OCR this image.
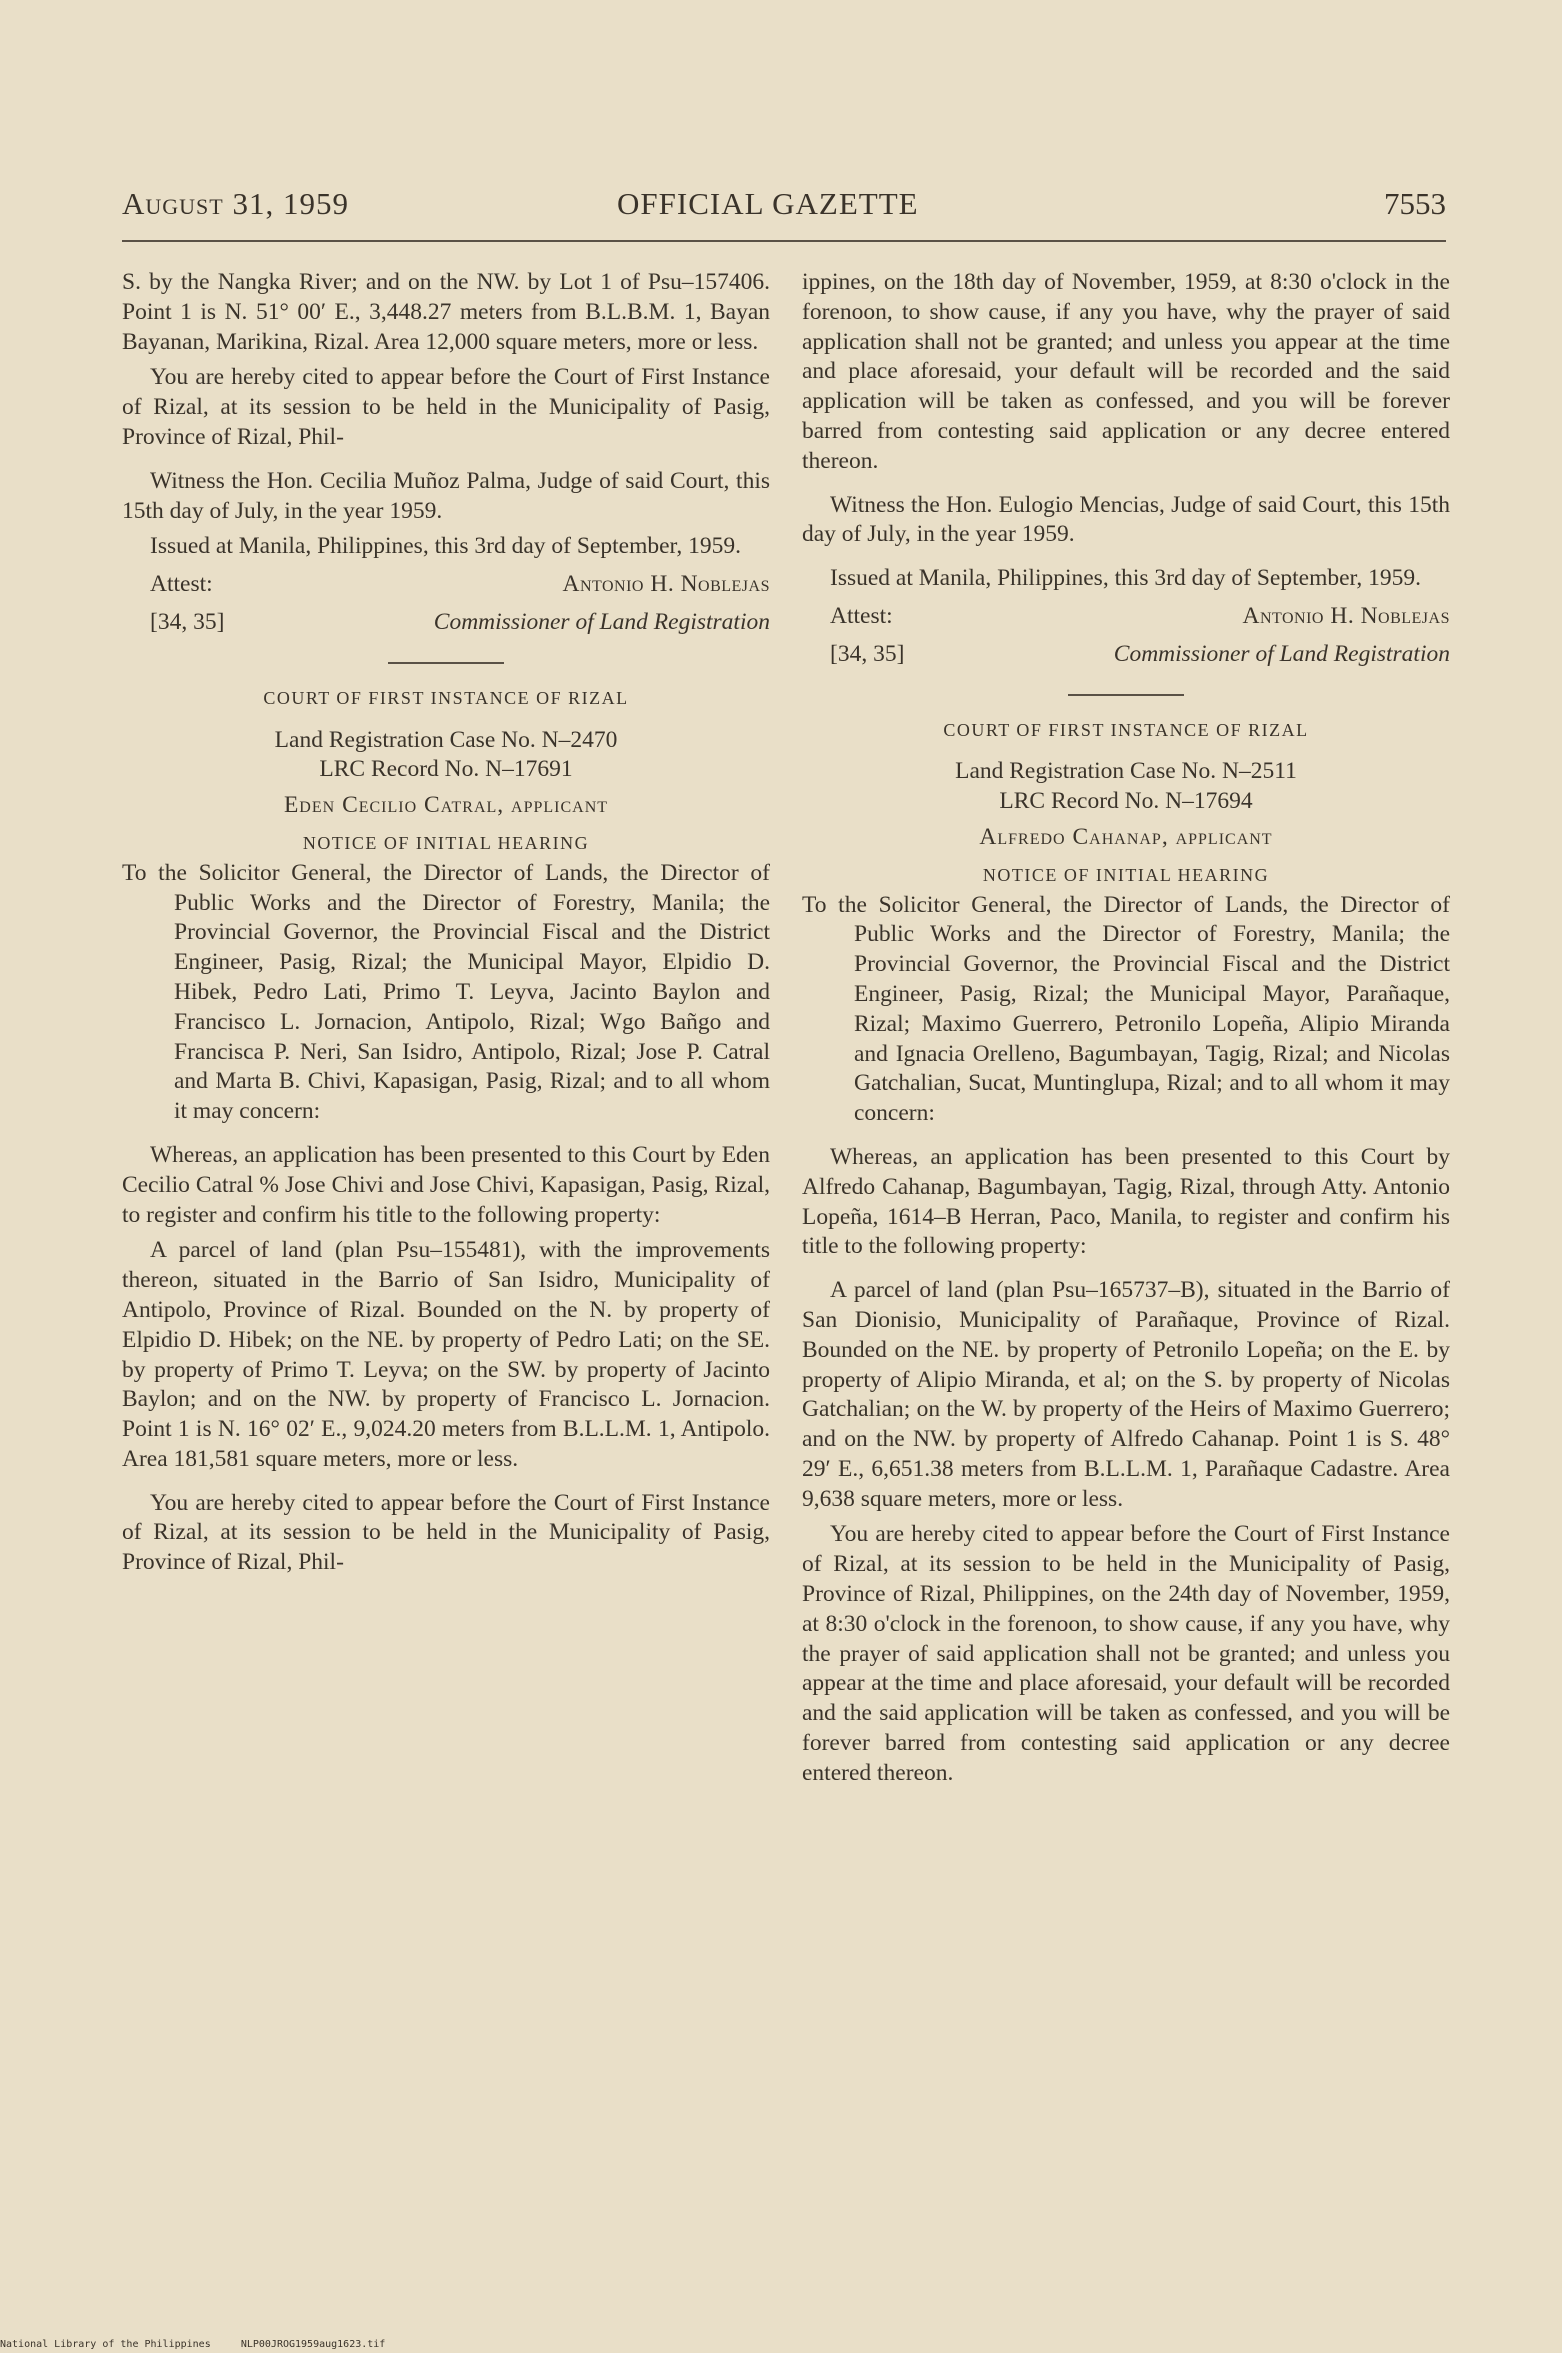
August 31, 1959	OFFICIAL GAZETTE	7553

S. by the Nangka River; and on the NW. by Lot 1 of Psu–157406. Point 1 is N. 51° 00′ E., 3,448.27 meters from B.L.B.M. 1, Bayan Bayanan, Marikina, Rizal. Area 12,000 square meters, more or less.

You are hereby cited to appear before the Court of First Instance of Rizal, at its session to be held in the Municipality of Pasig, Province of Rizal, Phil-

Witness the Hon. Cecilia Muñoz Palma, Judge of said Court, this 15th day of July, in the year 1959.

Issued at Manila, Philippines, this 3rd day of September, 1959.

Attest:	Antonio H. Noblejas
[34, 35]	Commissioner of Land Registration
COURT OF FIRST INSTANCE OF RIZAL
Land Registration Case No. N–2470
LRC Record No. N–17691
Eden Cecilio Catral, applicant
NOTICE OF INITIAL HEARING

To the Solicitor General, the Director of Lands, the Director of Public Works and the Director of Forestry, Manila; the Provincial Governor, the Provincial Fiscal and the District Engineer, Pasig, Rizal; the Municipal Mayor, Elpidio D. Hibek, Pedro Lati, Primo T. Leyva, Jacinto Baylon and Francisco L. Jornacion, Antipolo, Rizal; Wgo Bañgo and Francisca P. Neri, San Isidro, Antipolo, Rizal; Jose P. Catral and Marta B. Chivi, Kapasigan, Pasig, Rizal; and to all whom it may concern:

Whereas, an application has been presented to this Court by Eden Cecilio Catral % Jose Chivi and Jose Chivi, Kapasigan, Pasig, Rizal, to register and confirm his title to the following property:

A parcel of land (plan Psu–155481), with the improvements thereon, situated in the Barrio of San Isidro, Municipality of Antipolo, Province of Rizal. Bounded on the N. by property of Elpidio D. Hibek; on the NE. by property of Pedro Lati; on the SE. by property of Primo T. Leyva; on the SW. by property of Jacinto Baylon; and on the NW. by property of Francisco L. Jornacion. Point 1 is N. 16° 02′ E., 9,024.20 meters from B.L.L.M. 1, Antipolo. Area 181,581 square meters, more or less.

You are hereby cited to appear before the Court of First Instance of Rizal, at its session to be held in the Municipality of Pasig, Province of Rizal, Phil-

ippines, on the 18th day of November, 1959, at 8:30 o'clock in the forenoon, to show cause, if any you have, why the prayer of said application shall not be granted; and unless you appear at the time and place aforesaid, your default will be recorded and the said application will be taken as confessed, and you will be forever barred from contesting said application or any decree entered thereon.

Witness the Hon. Eulogio Mencias, Judge of said Court, this 15th day of July, in the year 1959.

Issued at Manila, Philippines, this 3rd day of September, 1959.

Attest:	Antonio H. Noblejas
[34, 35]	Commissioner of Land Registration
COURT OF FIRST INSTANCE OF RIZAL
Land Registration Case No. N–2511
LRC Record No. N–17694
Alfredo Cahanap, applicant
NOTICE OF INITIAL HEARING

To the Solicitor General, the Director of Lands, the Director of Public Works and the Director of Forestry, Manila; the Provincial Governor, the Provincial Fiscal and the District Engineer, Pasig, Rizal; the Municipal Mayor, Parañaque, Rizal; Maximo Guerrero, Petronilo Lopeña, Alipio Miranda and Ignacia Orelleno, Bagumbayan, Tagig, Rizal; and Nicolas Gatchalian, Sucat, Muntinglupa, Rizal; and to all whom it may concern:

Whereas, an application has been presented to this Court by Alfredo Cahanap, Bagumbayan, Tagig, Rizal, through Atty. Antonio Lopeña, 1614–B Herran, Paco, Manila, to register and confirm his title to the following property:

A parcel of land (plan Psu–165737–B), situated in the Barrio of San Dionisio, Municipality of Parañaque, Province of Rizal. Bounded on the NE. by property of Petronilo Lopeña; on the E. by property of Alipio Miranda, et al; on the S. by property of Nicolas Gatchalian; on the W. by property of the Heirs of Maximo Guerrero; and on the NW. by property of Alfredo Cahanap. Point 1 is S. 48° 29′ E., 6,651.38 meters from B.L.L.M. 1, Parañaque Cadastre. Area 9,638 square meters, more or less.

You are hereby cited to appear before the Court of First Instance of Rizal, at its session to be held in the Municipality of Pasig, Province of Rizal, Philippines, on the 24th day of November, 1959, at 8:30 o'clock in the forenoon, to show cause, if any you have, why the prayer of said application shall not be granted; and unless you appear at the time and place aforesaid, your default will be recorded and the said application will be taken as confessed, and you will be forever barred from contesting said application or any decree entered thereon.

National Library of the Philippines	NLP00JROG1959aug1623.tif
